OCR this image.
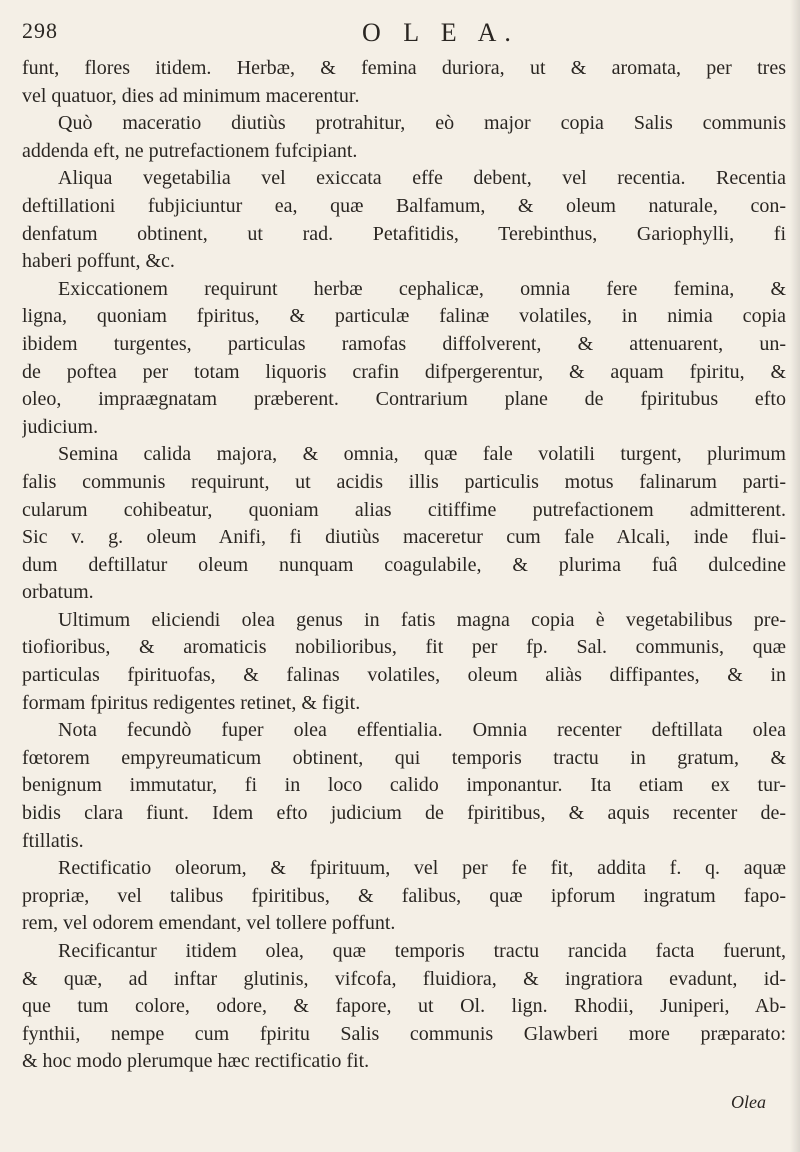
298	O L E A.
funt, flores itidem. Herbæ, & femina duriora, ut & aromata, per tres
vel quatuor, dies ad minimum macerentur.
Quò maceratio diutiùs protrahitur, eò major copia Salis communis
addenda eft, ne putrefactionem fufcipiant.
Aliqua vegetabilia vel exiccata effe debent, vel recentia. Recentia
deftillationi fubjiciuntur ea, quæ Balfamum, & oleum naturale, con-
denfatum obtinent, ut rad. Petafitidis, Terebinthus, Gariophylli, fi
haberi poffunt, &c.
Exiccationem requirunt herbæ cephalicæ, omnia fere femina, &
ligna, quoniam fpiritus, & particulæ falinæ volatiles, in nimia copia
ibidem turgentes, particulas ramofas diffolverent, & attenuarent, un-
de poftea per totam liquoris crafin difpergerentur, & aquam fpiritu, &
oleo, impraægnatam præberent. Contrarium plane de fpiritubus efto
judicium.
Semina calida majora, & omnia, quæ fale volatili turgent, plurimum
falis communis requirunt, ut acidis illis particulis motus falinarum parti-
cularum cohibeatur, quoniam alias citiffime putrefactionem admitterent.
Sic v. g. oleum Anifi, fi diutiùs maceretur cum fale Alcali, inde flui-
dum deftillatur oleum nunquam coagulabile, & plurima fuâ dulcedine
orbatum.
Ultimum eliciendi olea genus in fatis magna copia è vegetabilibus pre-
tiofioribus, & aromaticis nobilioribus, fit per fp. Sal. communis, quæ
particulas fpirituofas, & falinas volatiles, oleum aliàs diffipantes, & in
formam fpiritus redigentes retinet, & figit.
Nota fecundò fuper olea effentialia. Omnia recenter deftillata olea
fœtorem empyreumaticum obtinent, qui temporis tractu in gratum, &
benignum immutatur, fi in loco calido imponantur. Ita etiam ex tur-
bidis clara fiunt. Idem efto judicium de fpiritibus, & aquis recenter de-
ftillatis.
Rectificatio oleorum, & fpirituum, vel per fe fit, addita f. q. aquæ
propriæ, vel talibus fpiritibus, & falibus, quæ ipforum ingratum fapo-
rem, vel odorem emendant, vel tollere poffunt.
Recificantur itidem olea, quæ temporis tractu rancida facta fuerunt,
& quæ, ad inftar glutinis, vifcofa, fluidiora, & ingratiora evadunt, id-
que tum colore, odore, & fapore, ut Ol. lign. Rhodii, Juniperi, Ab-
fynthii, nempe cum fpiritu Salis communis Glawberi more præparato:
& hoc modo plerumque hæc rectificatio fit.
Olea
